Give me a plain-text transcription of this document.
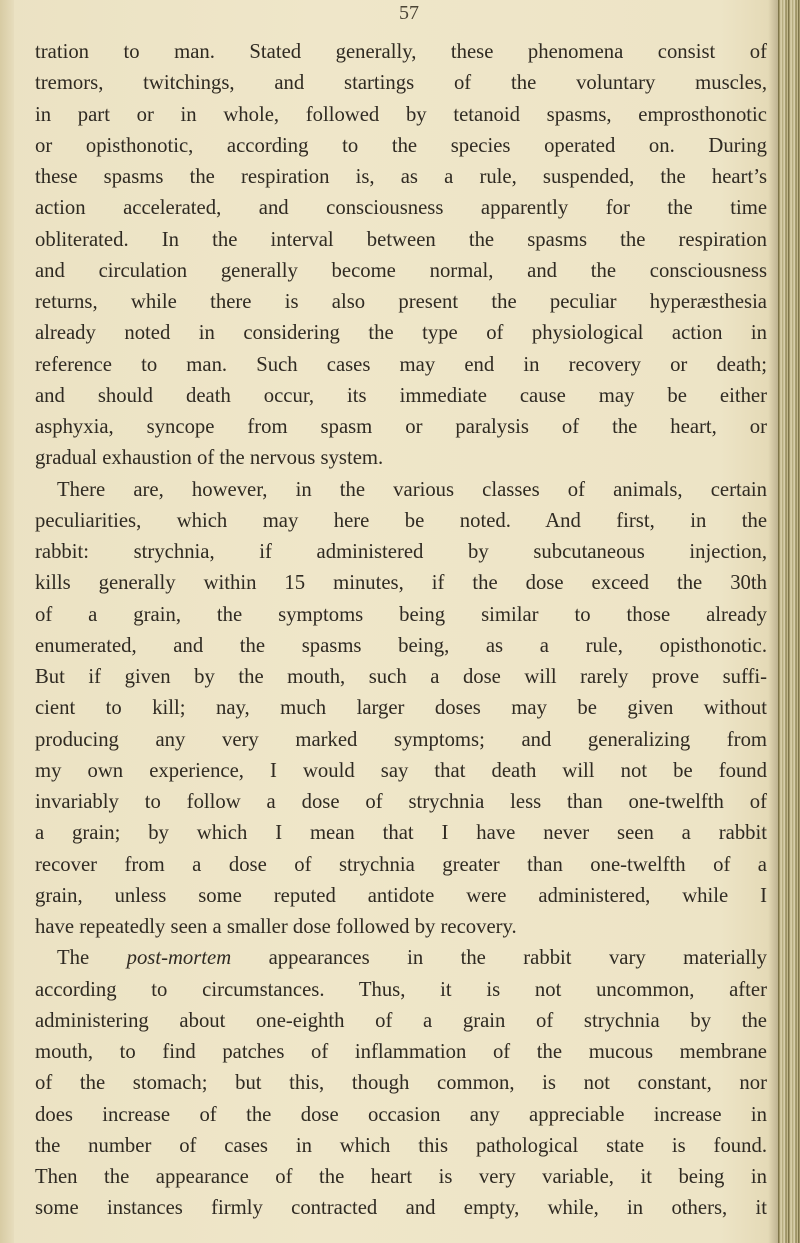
57
tration to man. Stated generally, these phenomena consist of
tremors, twitchings, and startings of the voluntary muscles,
in part or in whole, followed by tetanoid spasms, emprosthonotic
or opisthonotic, according to the species operated on. During
these spasms the respiration is, as a rule, suspended, the heart’s
action accelerated, and consciousness apparently for the time
obliterated. In the interval between the spasms the respiration
and circulation generally become normal, and the consciousness
returns, while there is also present the peculiar hyperæsthesia
already noted in considering the type of physiological action in
reference to man. Such cases may end in recovery or death;
and should death occur, its immediate cause may be either
asphyxia, syncope from spasm or paralysis of the heart, or
gradual exhaustion of the nervous system.
There are, however, in the various classes of animals, certain
peculiarities, which may here be noted. And first, in the
rabbit: strychnia, if administered by subcutaneous injection,
kills generally within 15 minutes, if the dose exceed the 30th
of a grain, the symptoms being similar to those already
enumerated, and the spasms being, as a rule, opisthonotic.
But if given by the mouth, such a dose will rarely prove suffi-
cient to kill; nay, much larger doses may be given without
producing any very marked symptoms; and generalizing from
my own experience, I would say that death will not be found
invariably to follow a dose of strychnia less than one-twelfth of
a grain; by which I mean that I have never seen a rabbit
recover from a dose of strychnia greater than one-twelfth of a
grain, unless some reputed antidote were administered, while I
have repeatedly seen a smaller dose followed by recovery.
The post-mortem appearances in the rabbit vary materially
according to circumstances. Thus, it is not uncommon, after
administering about one-eighth of a grain of strychnia by the
mouth, to find patches of inflammation of the mucous membrane
of the stomach; but this, though common, is not constant, nor
does increase of the dose occasion any appreciable increase in
the number of cases in which this pathological state is found.
Then the appearance of the heart is very variable, it being in
some instances firmly contracted and empty, while, in others, it
